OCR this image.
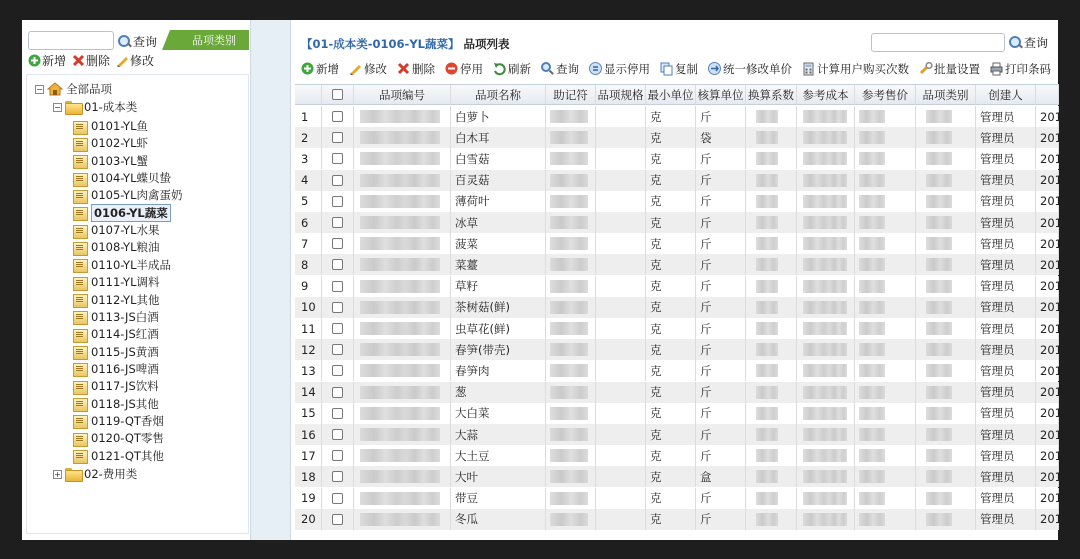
查询	品项类别
新增 删除 修改
− 全部品项
− 01-成本类
0101-YL鱼
0102-YL虾
0103-YL蟹
0104-YL蝶贝蛰
0105-YL肉禽蛋奶
0106-YL蔬菜
0107-YL水果
0108-YL粮油
0110-YL半成品
0111-YL调料
0112-YL其他
0113-JS白酒
0114-JS红酒
0115-JS黄酒
0116-JS啤酒
0117-JS饮料
0118-JS其他
0119-QT香烟
0120-QT零售
0121-QT其他
+ 02-费用类
【01-成本类-0106-YL蔬菜】 品项列表	查询
新增 修改 删除 停用 刷新 查询 显示停用 复制 统一修改单价 计算用户购买次数 批量设置 打印条码
品项编号	品项名称	助记符 品项规格 最小单位 核算单位 换算系数 参考成本	参考售价	品项类别	创建人
1	白萝卜	克	斤	管理员	201
2	白木耳	克	袋	管理员	201
3	白雪菇	克	斤	管理员	201
4	百灵菇	克	斤	管理员	201
5	薄荷叶	克	斤	管理员	201
6	冰草	克	斤	管理员	201
7	菠菜	克	斤	管理员	201
8	菜薹	克	斤	管理员	201
9	草籽	克	斤	管理员	201
10	茶树菇(鲜)	克	斤	管理员	201
11	虫草花(鲜)	克	斤	管理员	201
12	春笋(带壳)	克	斤	管理员	201
13	春笋肉	克	斤	管理员	201
14	葱	克	斤	管理员	201
15	大白菜	克	斤	管理员	201
16	大蒜	克	斤	管理员	201
17	大土豆	克	斤	管理员	201
18	大叶	克	盒	管理员	201
19	带豆	克	斤	管理员	201
20	冬瓜	克	斤	管理员	201
